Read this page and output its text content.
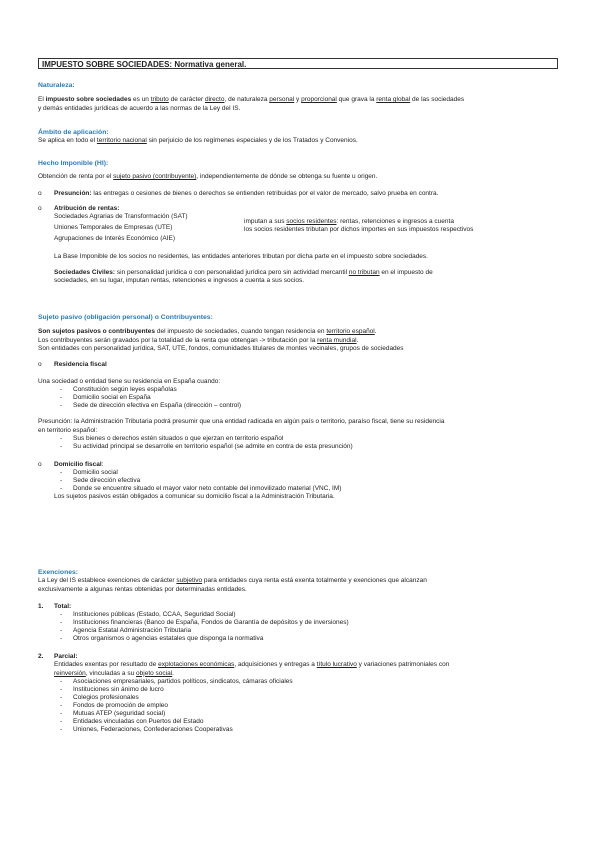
IMPUESTO SOBRE SOCIEDADES: Normativa general.

Naturaleza:

El impuesto sobre sociedades es un tributo de carácter directo, de naturaleza personal y proporcional que grava la renta global de las sociedades

y demás entidades jurídicas de acuerdo a las normas de la Ley del IS.

Ámbito de aplicación:

Se aplica en todo el territorio nacional sin perjuicio de los regímenes especiales y de los Tratados y Convenios.

Hecho Imponible (HI):

Obtención de renta por el sujeto pasivo (contribuyente), independientemente de dónde se obtenga su fuente u origen.

o Presunción: las entregas o cesiones de bienes o derechos se entienden retribuidas por el valor de mercado, salvo prueba en contra.
o Atribución de rentas:

Sociedades Agrarias de Transformación (SAT)

Uniones Temporales de Empresas (UTE)

Agrupaciones de Interés Económico (AIE)

imputan a sus socios residentes: rentas, retenciones e ingresos a cuenta

los socios residentes tributan por dichos importes en sus impuestos respectivos

La Base Imponible de los socios no residentes, las entidades anteriores tributan por dicha parte en el impuesto sobre sociedades.

Sociedades Civiles: sin personalidad jurídica o con personalidad jurídica pero sin actividad mercantil no tributan en el impuesto de

sociedades, en su lugar, imputan rentas, retenciones e ingresos a cuenta a sus socios.

Sujeto pasivo (obligación personal) o Contribuyentes:

Son sujetos pasivos o contribuyentes del impuesto de sociedades, cuando tengan residencia en territorio español.

Los contribuyentes serán gravados por la totalidad de la renta que obtengan -> tributación por la renta mundial.

Son entidades con personalidad jurídica, SAT, UTE, fondos, comunidades titulares de montes vecinales, grupos de sociedades

o Residencia fiscal

Una sociedad o entidad tiene su residencia en España cuando:

- Constitución según leyes españolas
- Domicilio social en España
- Sede de dirección efectiva en España (dirección – control)

Presunción: la Administración Tributaria podrá presumir que una entidad radicada en algún país o territorio, paraíso fiscal, tiene su residencia

en territorio español:

- Sus bienes o derechos estén situados o que ejerzan en territorio español
- Su actividad principal se desarrolle en territorio español (se admite en contra de esta presunción)
o Domicilio fiscal:
- Domicilio social
- Sede dirección efectiva
- Donde se encuentre situado el mayor valor neto contable del inmovilizado material (VNC, IM)

Los sujetos pasivos están obligados a comunicar su domicilio fiscal a la Administración Tributaria.

Exenciones:

La Ley del IS establece exenciones de carácter subjetivo para entidades cuya renta está exenta totalmente y exenciones que alcanzan

exclusivamente a algunas rentas obtenidas por determinadas entidades.

1. Total:
- Instituciones públicas (Estado, CCAA, Seguridad Social)
- Instituciones financieras (Banco de España, Fondos de Garantía de depósitos y de inversiones)
- Agencia Estatal Administración Tributaria
- Otros organismos o agencias estatales que disponga la normativa
2. Parcial:

Entidades exentas por resultado de explotaciones económicas, adquisiciones y entregas a título lucrativo y variaciones patrimoniales con

reinversión, vinculadas a su objeto social.

- Asociaciones empresariales, partidos políticos, sindicatos, cámaras oficiales
- Instituciones sin ánimo de lucro
- Colegios profesionales
- Fondos de promoción de empleo
- Mutuas ATEP (seguridad social)
- Entidades vinculadas con Puertos del Estado
- Uniones, Federaciones, Confederaciones Cooperativas
